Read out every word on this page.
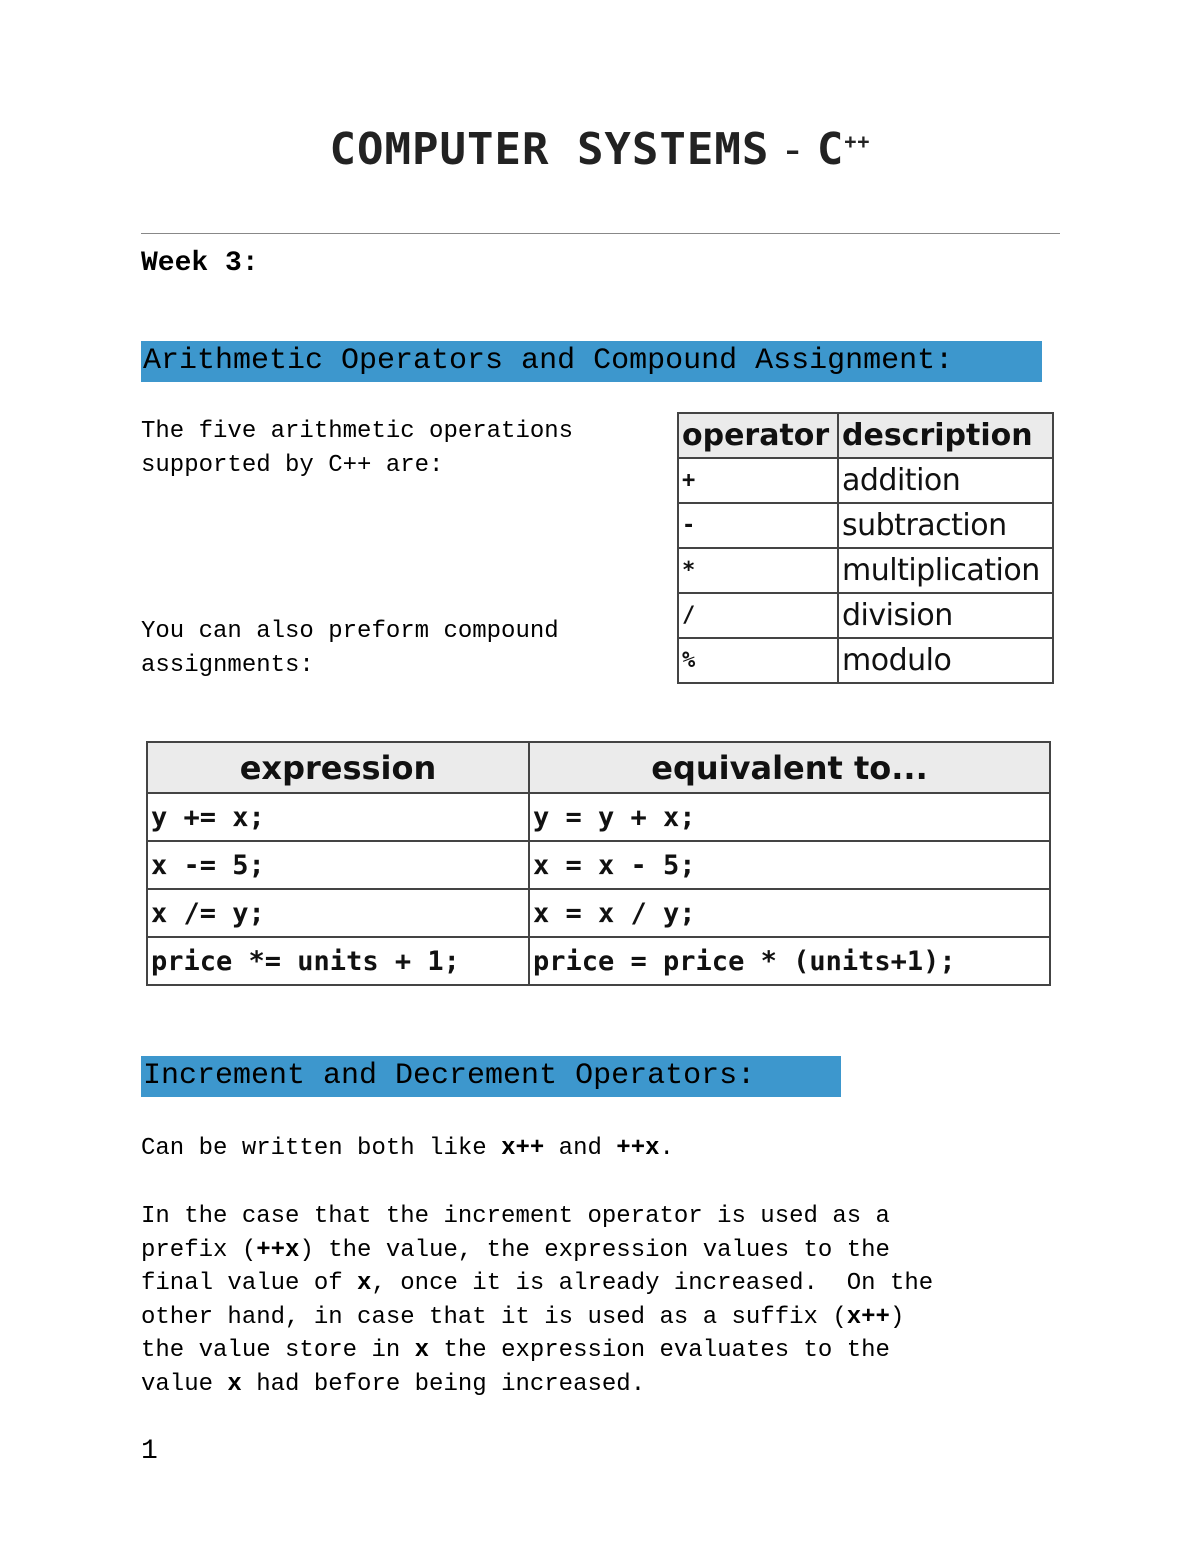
COMPUTER SYSTEMS - C++
Week 3:
Arithmetic Operators and Compound Assignment:
The five arithmetic operations
supported by C++ are:
You can also preform compound
assignments:
operator	description
+	addition
-	subtraction
*	multiplication
/	division
%	modulo
expression	equivalent to...
y += x;	y = y + x;
x -= 5;	x = x - 5;
x /= y;	x = x / y;
price *= units + 1;	price = price * (units+1);
Increment and Decrement Operators:
Can be written both like x++ and ++x.
In the case that the increment operator is used as a
prefix (++x) the value, the expression values to the
final value of x, once it is already increased.  On the
other hand, in case that it is used as a suffix (x++)
the value store in x the expression evaluates to the
value x had before being increased.
1
